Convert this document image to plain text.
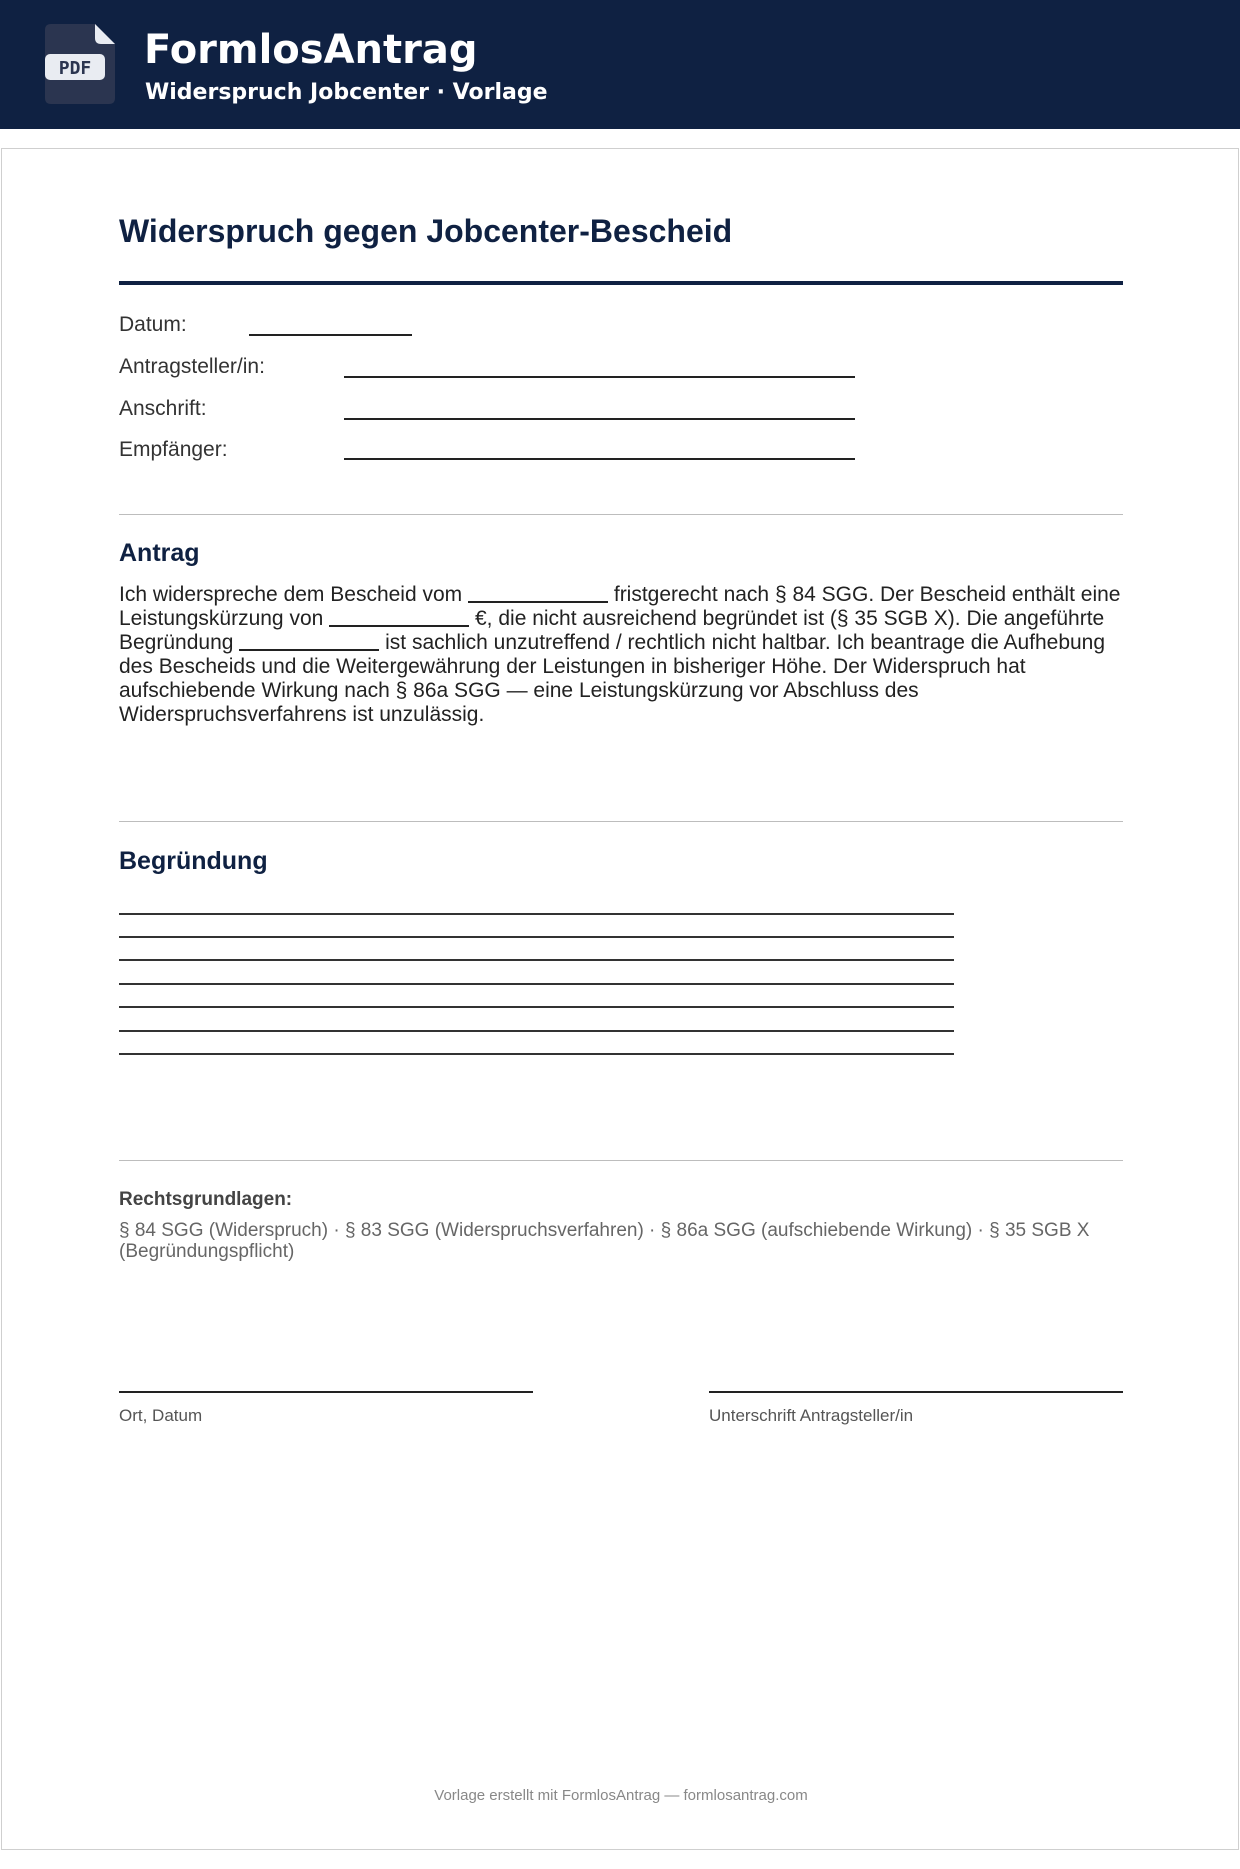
PDF FormlosAntrag
Widerspruch Jobcenter · Vorlage
Widerspruch gegen Jobcenter-Bescheid
Datum:
Antragsteller/in:
Anschrift:
Empfänger:
Antrag
Ich widerspreche dem Bescheid vom	fristgerecht nach § 84 SGG. Der Bescheid enthält eine Leistungskürzung von	€, die nicht ausreichend begründet ist (§ 35 SGB X). Die angeführte Begründung	ist sachlich unzutreffend / rechtlich nicht haltbar. Ich beantrage die Aufhebung des Bescheids und die Weitergewährung der Leistungen in bisheriger Höhe. Der Widerspruch hat aufschiebende Wirkung nach § 86a SGG — eine Leistungskürzung vor Abschluss des Widerspruchsverfahrens ist unzulässig.
Begründung
Rechtsgrundlagen:
§ 84 SGG (Widerspruch) · § 83 SGG (Widerspruchsverfahren) · § 86a SGG (aufschiebende Wirkung) · § 35 SGB X (Begründungspflicht)
Ort, Datum	Unterschrift Antragsteller/in
Vorlage erstellt mit FormlosAntrag — formlosantrag.com
